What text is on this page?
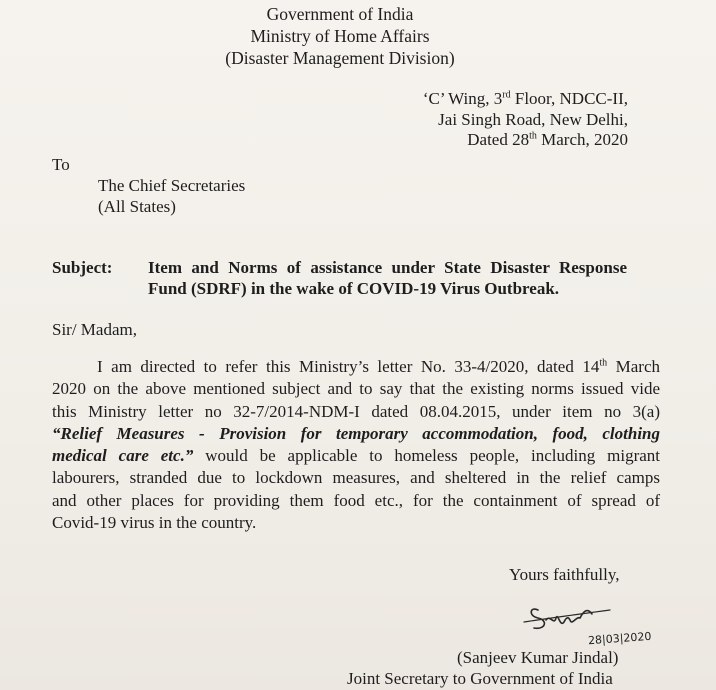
Government of India
Ministry of Home Affairs
(Disaster Management Division)
‘C’ Wing, 3rd Floor, NDCC-II,
Jai Singh Road, New Delhi,
Dated 28th March, 2020
To
The Chief Secretaries
(All States)
Subject: Item and Norms of assistance under State Disaster Response
Fund (SDRF) in the wake of COVID-19 Virus Outbreak.
Sir/ Madam,
I am directed to refer this Ministry’s letter No. 33-4/2020, dated 14th March
2020 on the above mentioned subject and to say that the existing norms issued vide
this Ministry letter no 32-7/2014-NDM-I dated 08.04.2015, under item no 3(a)
“Relief Measures - Provision for temporary accommodation, food, clothing
medical care etc.” would be applicable to homeless people, including migrant
labourers, stranded due to lockdown measures, and sheltered in the relief camps
and other places for providing them food etc., for the containment of spread of
Covid-19 virus in the country.
Yours faithfully,
28|03|2020
(Sanjeev Kumar Jindal)
Joint Secretary to Government of India
